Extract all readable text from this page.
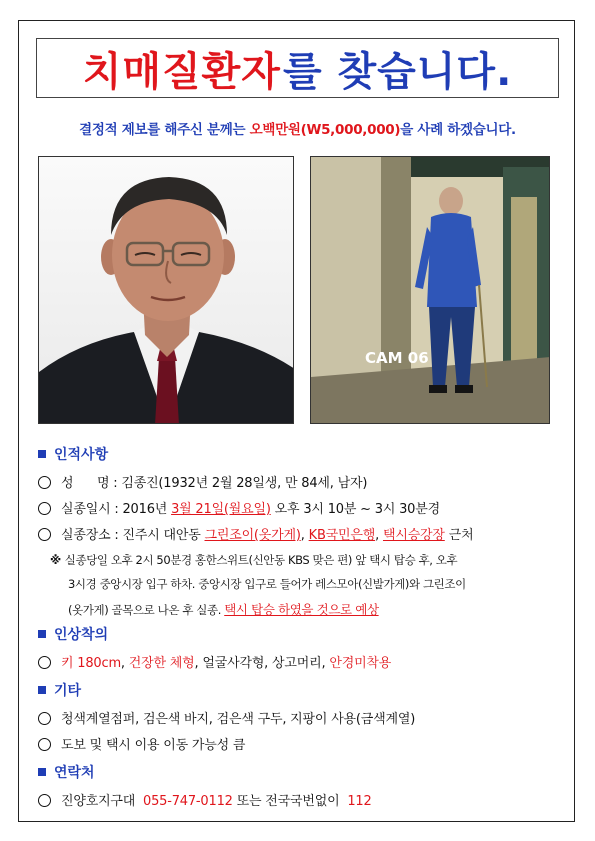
치매질환자 를 찾습니다.
결정적 제보를 해주신 분께는 오백만원(W5,000,000)을 사례 하겠습니다.
CAM 06
인적사항
성      명 : 김종진(1932년 2월 28일생, 만 84세, 남자)
실종일시 : 2016년 3월 21일(월요일) 오후 3시 10분 ~ 3시 30분경
실종장소 : 진주시 대안동 그린조이(옷가게), KB국민은행, 택시승강장 근처
※ 실종당일 오후 2시 50분경 홍한스위트(신안동 KBS 맞은 편) 앞 택시 탑승 후, 오후
3시경 중앙시장 입구 하차. 중앙시장 입구로 들어가 레스모아(신발가게)와 그린조이
(옷가게) 골목으로 나온 후 실종. 택시 탑승 하였을 것으로 예상
인상착의
키 180cm, 건장한 체형, 얼굴사각형, 상고머리, 안경미착용
기타
청색계열점퍼, 검은색 바지, 검은색 구두, 지팡이 사용(금색계열)
도보 및 택시 이용 이동 가능성 큼
연락처
진양호지구대  055-747-0112 또는 전국국번없이  112
